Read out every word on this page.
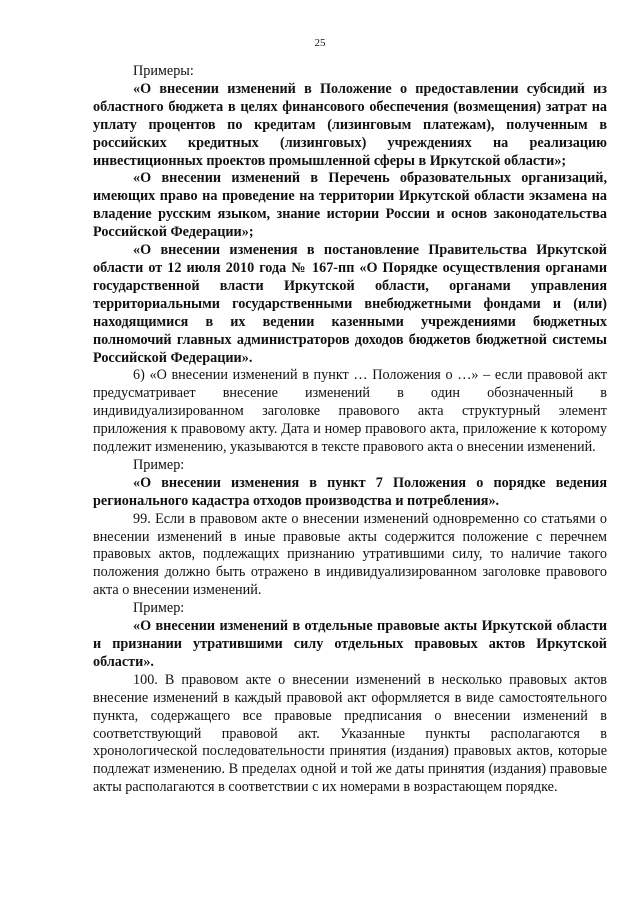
25

Примеры:

«О внесении изменений в Положение о предоставлении субсидий из областного бюджета в целях финансового обеспечения (возмещения) затрат на уплату процентов по кредитам (лизинговым платежам), полученным в российских кредитных (лизинговых) учреждениях на реализацию инвестиционных проектов промышленной сферы в Иркутской области»;

«О внесении изменений в Перечень образовательных организаций, имеющих право на проведение на территории Иркутской области экзамена на владение русским языком, знание истории России и основ законодательства Российской Федерации»;

«О внесении изменения в постановление Правительства Иркутской области от 12 июля 2010 года № 167-пп «О Порядке осуществления органами государственной власти Иркутской области, органами управления территориальными государственными внебюджетными фондами и (или) находящимися в их ведении казенными учреждениями бюджетных полномочий главных администраторов доходов бюджетов бюджетной системы Российской Федерации».

6) «О внесении изменений в пункт … Положения о …» – если правовой акт предусматривает внесение изменений в один обозначенный в индивидуализированном заголовке правового акта структурный элемент приложения к правовому акту. Дата и номер правового акта, приложение к которому подлежит изменению, указываются в тексте правового акта о внесении изменений.

Пример:

«О внесении изменения в пункт 7 Положения о порядке ведения регионального кадастра отходов производства и потребления».

99. Если в правовом акте о внесении изменений одновременно со статьями о внесении изменений в иные правовые акты содержится положение с перечнем правовых актов, подлежащих признанию утратившими силу, то наличие такого положения должно быть отражено в индивидуализированном заголовке правового акта о внесении изменений.

Пример:

«О внесении изменений в отдельные правовые акты Иркутской области и признании утратившими силу отдельных правовых актов Иркутской области».

100. В правовом акте о внесении изменений в несколько правовых актов внесение изменений в каждый правовой акт оформляется в виде самостоятельного пункта, содержащего все правовые предписания о внесении изменений в соответствующий правовой акт. Указанные пункты располагаются в хронологической последовательности принятия (издания) правовых актов, которые подлежат изменению. В пределах одной и той же даты принятия (издания) правовые акты располагаются в соответствии с их номерами в возрастающем порядке.
